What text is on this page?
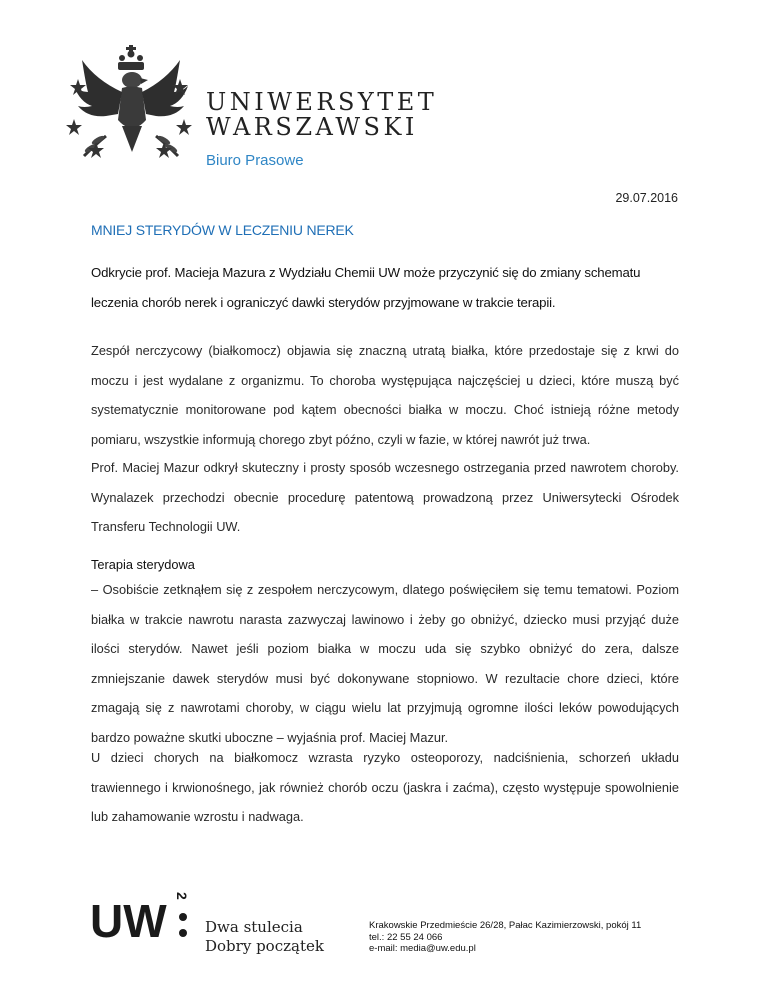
UNIWERSYTET
WARSZAWSKI
Biuro Prasowe
29.07.2016
MNIEJ STERYDÓW W LECZENIU NEREK
Odkrycie prof. Macieja Mazura z Wydziału Chemii UW może przyczynić się do zmiany schematu leczenia chorób nerek i ograniczyć dawki sterydów przyjmowane w trakcie terapii.
Zespół nerczycowy (białkomocz) objawia się znaczną utratą białka, które przedostaje się z krwi do moczu i jest wydalane z organizmu. To choroba występująca najczęściej u dzieci, które muszą być systematycznie monitorowane pod kątem obecności białka w moczu. Choć istnieją różne metody pomiaru, wszystkie informują chorego zbyt późno, czyli w fazie, w której nawrót już trwa.
Prof. Maciej Mazur odkrył skuteczny i prosty sposób wczesnego ostrzegania przed nawrotem choroby. Wynalazek przechodzi obecnie procedurę patentową prowadzoną przez Uniwersytecki Ośrodek Transferu Technologii UW.
Terapia sterydowa
– Osobiście zetknąłem się z zespołem nerczycowym, dlatego poświęciłem się temu tematowi. Poziom białka w trakcie nawrotu narasta zazwyczaj lawinowo i żeby go obniżyć, dziecko musi przyjąć duże ilości sterydów. Nawet jeśli poziom białka w moczu uda się szybko obniżyć do zera, dalsze zmniejszanie dawek sterydów musi być dokonywane stopniowo. W rezultacie chore dzieci, które zmagają się z nawrotami choroby, w ciągu wielu lat przyjmują ogromne ilości leków powodujących bardzo poważne skutki uboczne – wyjaśnia prof. Maciej Mazur.
U dzieci chorych na białkomocz wzrasta ryzyko osteoporozy, nadciśnienia, schorzeń układu trawiennego i krwionośnego, jak również chorób oczu (jaskra i zaćma), często występuje spowolnienie lub zahamowanie wzrostu i nadwaga.
UW 2
Dwa stulecia
Dobry początek
Krakowskie Przedmieście 26/28, Pałac Kazimierzowski, pokój 11
tel.: 22 55 24 066
e-mail: media@uw.edu.pl
